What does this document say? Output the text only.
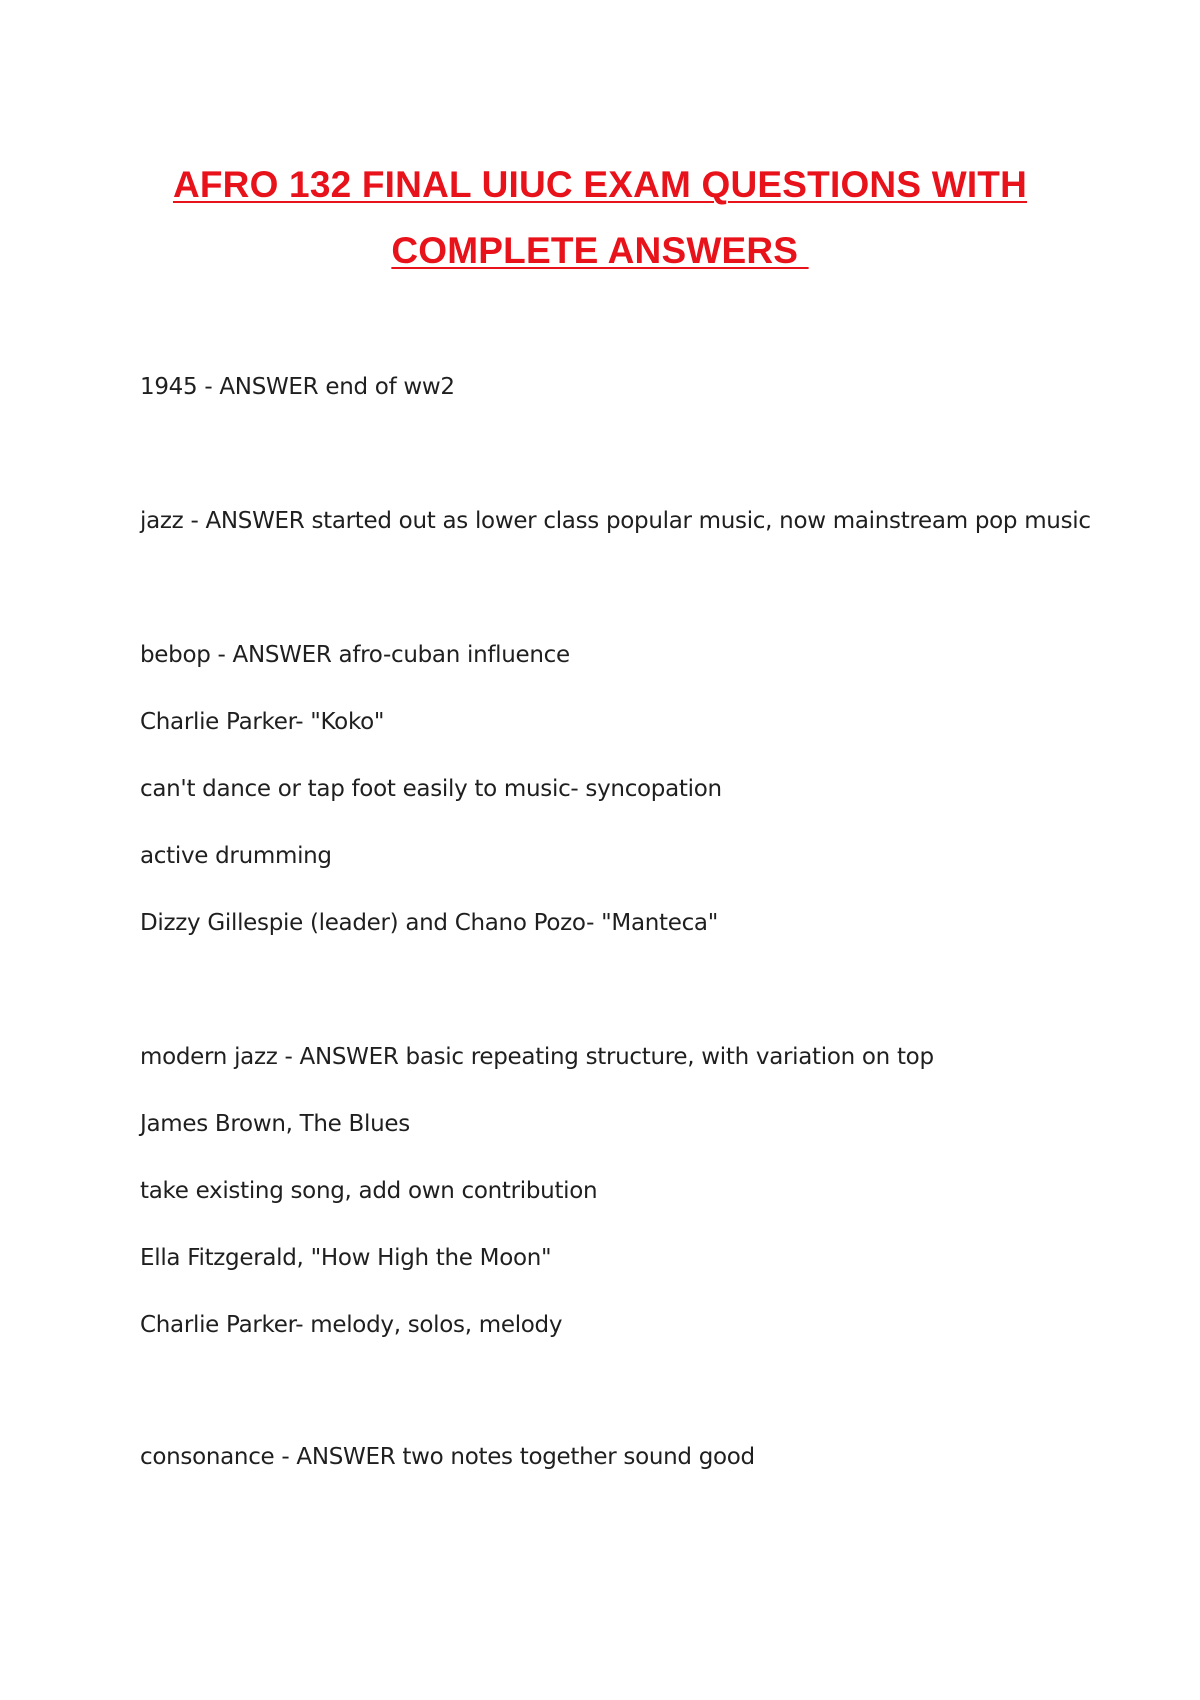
AFRO 132 FINAL UIUC EXAM QUESTIONS WITH
COMPLETE ANSWERS
1945 - ANSWER end of ww2
jazz - ANSWER started out as lower class popular music, now mainstream pop music
bebop - ANSWER afro-cuban influence
Charlie Parker- "Koko"
can't dance or tap foot easily to music- syncopation
active drumming
Dizzy Gillespie (leader) and Chano Pozo- "Manteca"
modern jazz - ANSWER basic repeating structure, with variation on top
James Brown, The Blues
take existing song, add own contribution
Ella Fitzgerald, "How High the Moon"
Charlie Parker- melody, solos, melody
consonance - ANSWER two notes together sound good
